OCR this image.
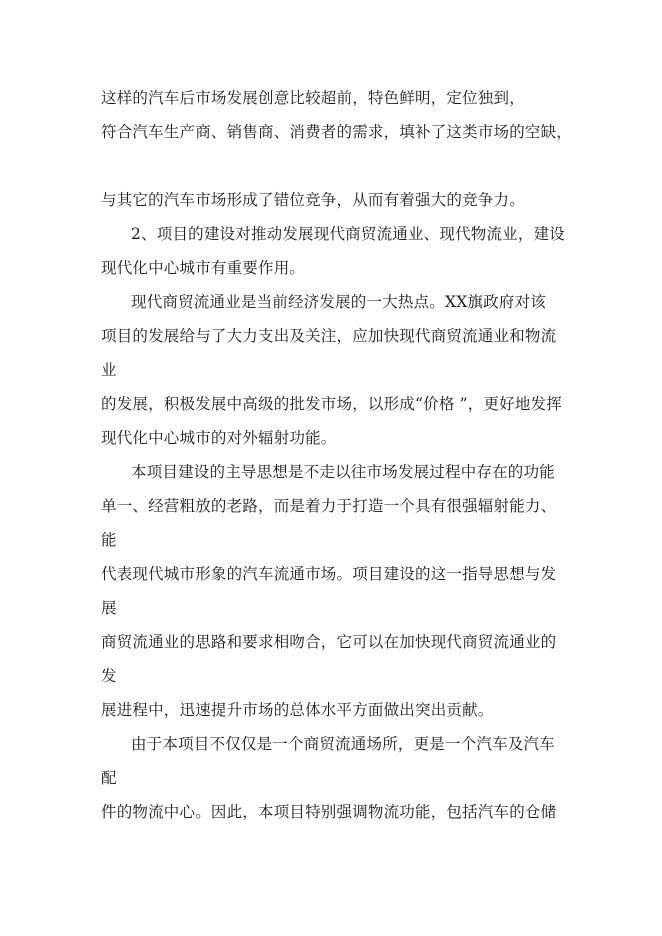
这样的汽车后市场发展创意比较超前，特色鲜明，定位独到，
符合汽车生产商、销售商、消费者的需求，填补了这类市场的空缺，
与其它的汽车市场形成了错位竞争，从而有着强大的竞争力。
2、项目的建设对推动发展现代商贸流通业、现代物流业，建设
现代化中心城市有重要作用。
现代商贸流通业是当前经济发展的一大热点。XX旗政府对该
项目的发展给与了大力支出及关注，应加快现代商贸流通业和物流
业
的发展，积极发展中高级的批发市场，以形成“价格 ”，更好地发挥
现代化中心城市的对外辐射功能。
本项目建设的主导思想是不走以往市场发展过程中存在的功能
单一、经营粗放的老路，而是着力于打造一个具有很强辐射能力、
能
代表现代城市形象的汽车流通市场。项目建设的这一指导思想与发
展
商贸流通业的思路和要求相吻合，它可以在加快现代商贸流通业的
发
展进程中，迅速提升市场的总体水平方面做出突出贡献。
由于本项目不仅仅是一个商贸流通场所，更是一个汽车及汽车
配
件的物流中心。因此，本项目特别强调物流功能，包括汽车的仓储
